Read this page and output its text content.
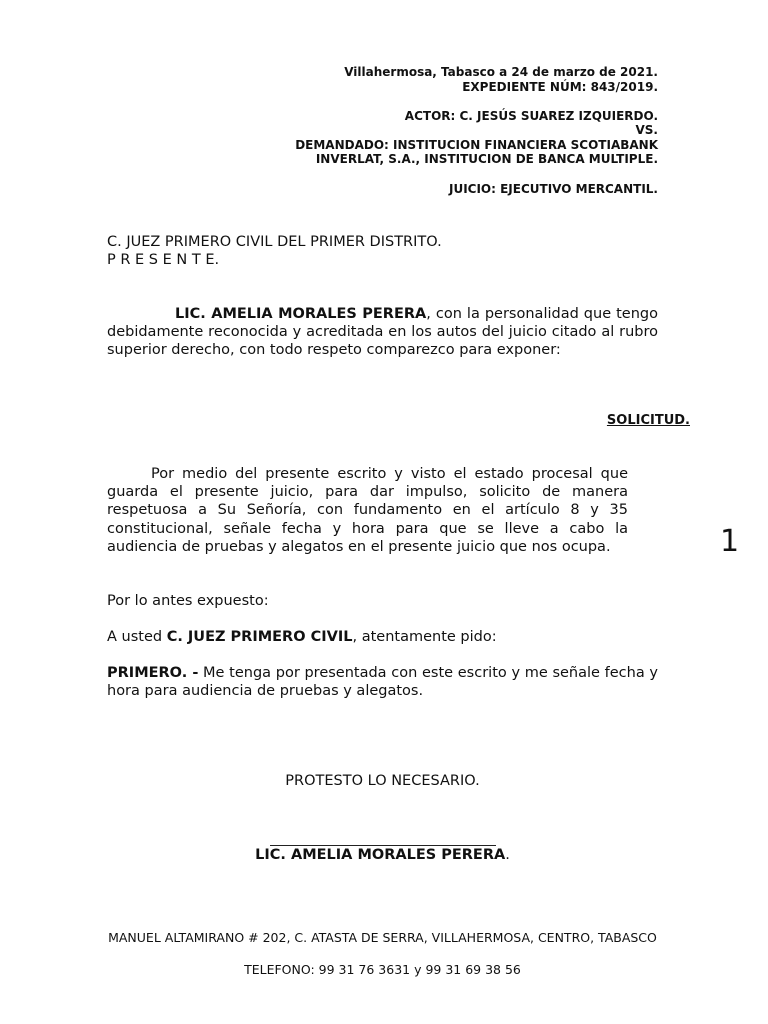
Villahermosa, Tabasco a 24 de marzo de 2021.
EXPEDIENTE NÚM: 843/2019.
ACTOR: C. JESÚS SUAREZ IZQUIERDO.
VS.
DEMANDADO: INSTITUCION FINANCIERA SCOTIABANK
INVERLAT, S.A., INSTITUCION DE BANCA MULTIPLE.
JUICIO: EJECUTIVO MERCANTIL.
C. JUEZ PRIMERO CIVIL DEL PRIMER DISTRITO.
P R E S E N T E.
LIC. AMELIA MORALES PERERA, con la personalidad que tengo debidamente reconocida y acreditada en los autos del juicio citado al rubro superior derecho, con todo respeto comparezco para exponer:
SOLICITUD.
Por medio del presente escrito y visto el estado procesal que guarda el presente juicio, para dar impulso, solicito de manera respetuosa a Su Señoría, con fundamento en el artículo 8 y 35 constitucional, señale fecha y hora para que se lleve a cabo la audiencia de pruebas y alegatos en el presente juicio que nos ocupa.	1
Por lo antes expuesto:
A usted C. JUEZ PRIMERO CIVIL, atentamente pido:
PRIMERO. - Me tenga por presentada con este escrito y me señale fecha y hora para audiencia de pruebas y alegatos.
PROTESTO LO NECESARIO.
LIC. AMELIA MORALES PERERA.
MANUEL ALTAMIRANO # 202, C. ATASTA DE SERRA, VILLAHERMOSA, CENTRO, TABASCO
TELEFONO: 99 31 76 3631 y 99 31 69 38 56
